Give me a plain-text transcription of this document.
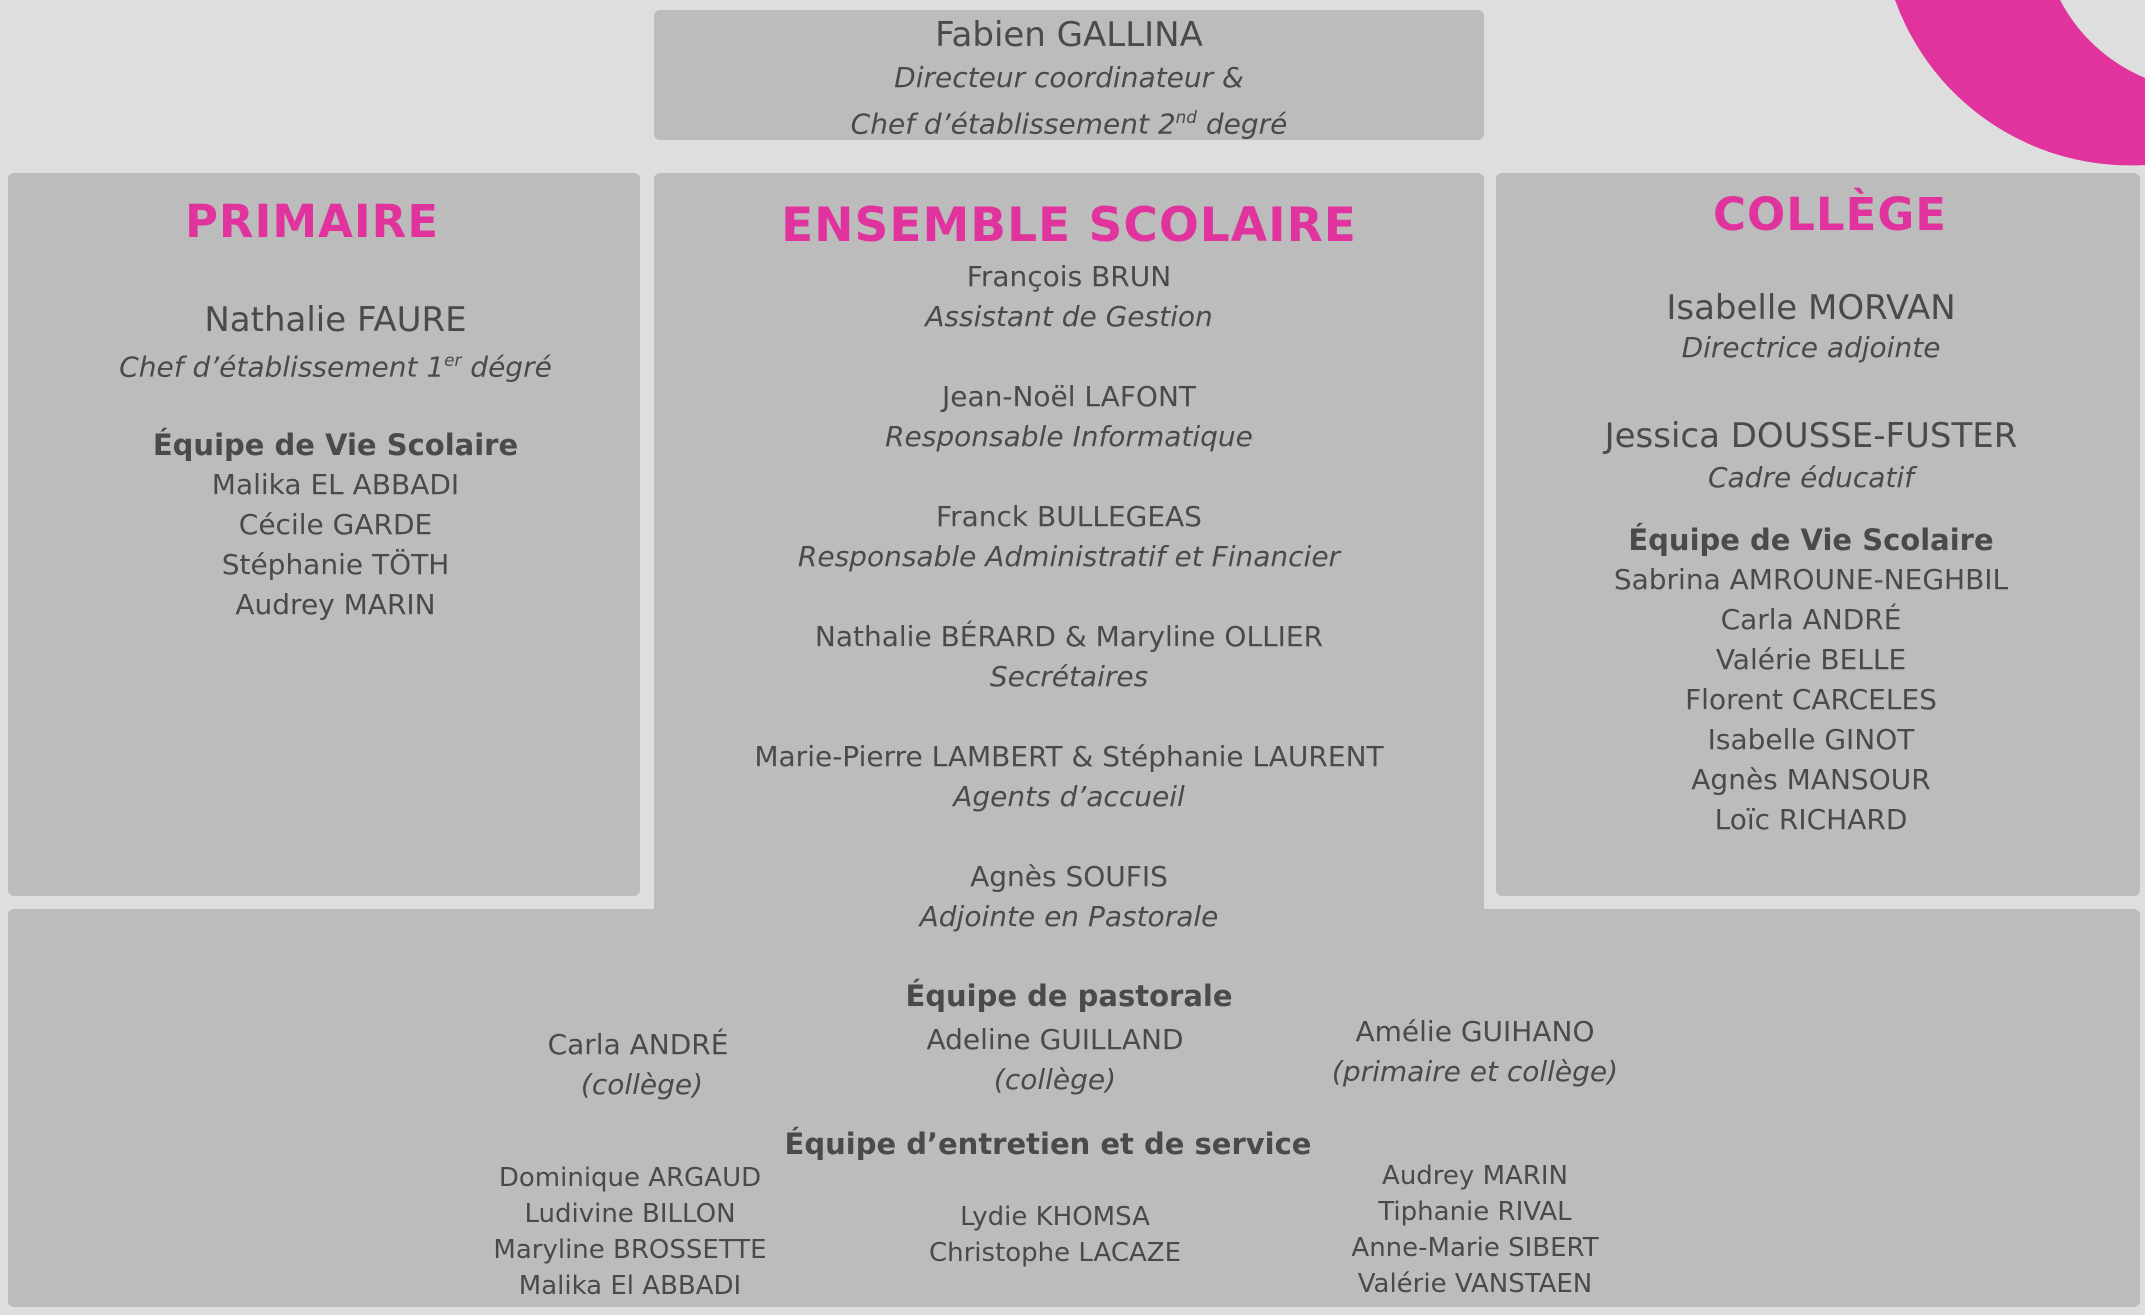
Fabien GALLINA
Directeur coordinateur &
Chef d’établissement 2nd degré
PRIMAIRE
Nathalie FAURE
Chef d’établissement 1er dégré
Équipe de Vie Scolaire
Malika EL ABBADI
Cécile GARDE
Stéphanie TÖTH
Audrey MARIN
ENSEMBLE SCOLAIRE
François BRUN
Assistant de Gestion
Jean-Noël LAFONT
Responsable Informatique
Franck BULLEGEAS
Responsable Administratif et Financier
Nathalie BÉRARD & Maryline OLLIER
Secrétaires
Marie-Pierre LAMBERT & Stéphanie LAURENT
Agents d’accueil
Agnès SOUFIS
Adjointe en Pastorale
COLLÈGE
Isabelle MORVAN
Directrice adjointe
Jessica DOUSSE-FUSTER
Cadre éducatif
Équipe de Vie Scolaire
Sabrina AMROUNE-NEGHBIL
Carla ANDRÉ
Valérie BELLE
Florent CARCELES
Isabelle GINOT
Agnès MANSOUR
Loïc RICHARD
Équipe de pastorale
Carla ANDRÉ
(collège)
Adeline GUILLAND
(collège)
Amélie GUIHANO
(primaire et collège)
Équipe d’entretien et de service
Dominique ARGAUD
Ludivine BILLON
Maryline BROSSETTE
Malika El ABBADI
Lydie KHOMSA
Christophe LACAZE
Audrey MARIN
Tiphanie RIVAL
Anne-Marie SIBERT
Valérie VANSTAEN
